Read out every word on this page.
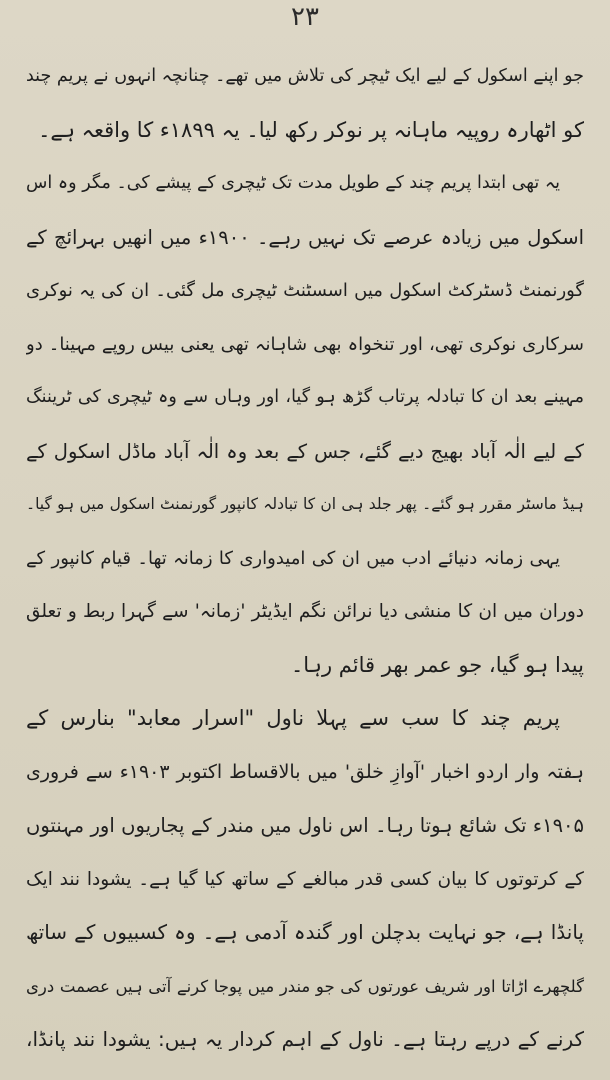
۲۳
جو اپنے اسکول کے لیے ایک ٹیچر کی تلاش میں تھے۔ چنانچہ انہوں نے پریم چند
کو اٹھارہ روپیہ ماہانہ پر نوکر رکھ لیا۔ یہ ۱۸۹۹ء کا واقعہ ہے۔
یہ تھی ابتدا پریم چند کے طویل مدت تک ٹیچری کے پیشے کی۔ مگر وہ اس
اسکول میں زیادہ عرصے تک نہیں رہے۔ ۱۹۰۰ء میں انھیں بہرائچ کے
گورنمنٹ ڈسٹرکٹ اسکول میں اسسٹنٹ ٹیچری مل گئی۔ ان کی یہ نوکری
سرکاری نوکری تھی، اور تنخواہ بھی شاہانہ تھی یعنی بیس روپے مہینا۔ دو
مہینے بعد ان کا تبادلہ پرتاب گڑھ ہو گیا، اور وہاں سے وہ ٹیچری کی ٹریننگ
کے لیے الٰہ آباد بھیج دیے گئے، جس کے بعد وہ الٰہ آباد ماڈل اسکول کے
ہیڈ ماسٹر مقرر ہو گئے۔ پھر جلد ہی ان کا تبادلہ کانپور گورنمنٹ اسکول میں ہو گیا۔
یہی زمانہ دنیائے ادب میں ان کی امیدواری کا زمانہ تھا۔ قیام کانپور کے
دوران میں ان کا منشی دیا نرائن نگم ایڈیٹر 'زمانہ' سے گہرا ربط و تعلق
پیدا ہو گیا، جو عمر بھر قائم رہا۔
پریم چند کا سب سے پہلا ناول "اسرار معابد" بنارس کے
ہفتہ وار اردو اخبار 'آوازِ خلق' میں بالاقساط اکتوبر ۱۹۰۳ء سے فروری
۱۹۰۵ء تک شائع ہوتا رہا۔ اس ناول میں مندر کے پجاریوں اور مہنتوں
کے کرتوتوں کا بیان کسی قدر مبالغے کے ساتھ کیا گیا ہے۔ یشودا نند ایک
پانڈا ہے، جو نہایت بدچلن اور گندہ آدمی ہے۔ وہ کسبیوں کے ساتھ
گلچھرے اڑاتا اور شریف عورتوں کی جو مندر میں پوجا کرنے آتی ہیں عصمت دری
کرنے کے درپے رہتا ہے۔ ناول کے اہم کردار یہ ہیں: یشودا نند پانڈا،
